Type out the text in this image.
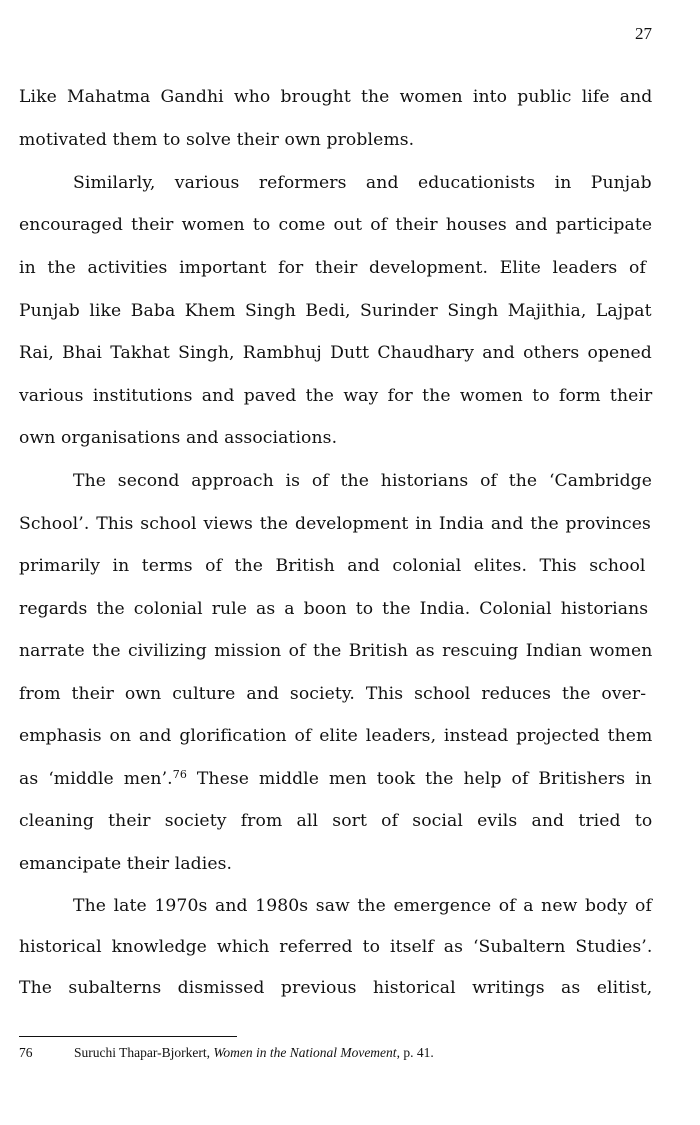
27
Like Mahatma Gandhi who brought the women into public life and
motivated them to solve their own problems.
Similarly, various reformers and educationists in Punjab
encouraged their women to come out of their houses and participate
in the activities important for their development. Elite leaders of
Punjab like Baba Khem Singh Bedi, Surinder Singh Majithia, Lajpat
Rai, Bhai Takhat Singh, Rambhuj Dutt Chaudhary and others opened
various institutions and paved the way for the women to form their
own organisations and associations.
The second approach is of the historians of the ‘Cambridge
School’. This school views the development in India and the provinces
primarily in terms of the British and colonial elites. This school
regards the colonial rule as a boon to the India. Colonial historians
narrate the civilizing mission of the British as rescuing Indian women
from their own culture and society. This school reduces the over-
emphasis on and glorification of elite leaders, instead projected them
as ‘middle men’.$^{76}$ These middle men took the help of Britishers in
cleaning their society from all sort of social evils and tried to
emancipate their ladies.
The late 1970s and 1980s saw the emergence of a new body of
historical knowledge which referred to itself as ‘Subaltern Studies’.
The subalterns dismissed previous historical writings as elitist,
76	Suruchi Thapar-Bjorkert, Women in the National Movement, p. 41.
